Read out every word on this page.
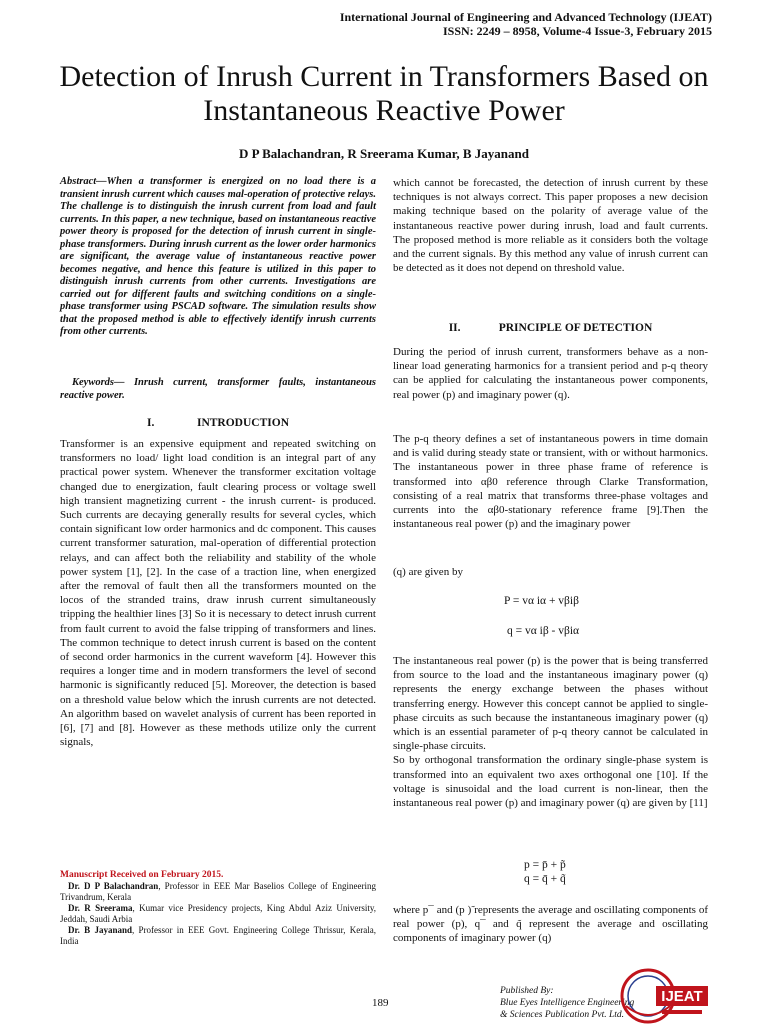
International Journal of Engineering and Advanced Technology (IJEAT)
ISSN: 2249 – 8958, Volume-4 Issue-3, February 2015
Detection of Inrush Current in Transformers Based on Instantaneous Reactive Power
D P Balachandran, R Sreerama Kumar, B Jayanand
Abstract—When a transformer is energized on no load there is a transient inrush current which causes mal-operation of protective relays. The challenge is to distinguish the inrush current from load and fault currents. In this paper, a new technique, based on instantaneous reactive power theory is proposed for the detection of inrush current in single-phase transformers. During inrush current as the lower order harmonics are significant, the average value of instantaneous reactive power becomes negative, and hence this feature is utilized in this paper to distinguish inrush currents from other currents. Investigations are carried out for different faults and switching conditions on a single-phase transformer using PSCAD software. The simulation results show that the proposed method is able to effectively identify inrush currents from other currents.
Keywords— Inrush current, transformer faults, instantaneous reactive power.
I.	INTRODUCTION
Transformer is an expensive equipment and repeated switching on transformers no load/ light load condition is an integral part of any practical power system. Whenever the transformer excitation voltage changed due to energization, fault clearing process or voltage swell high transient magnetizing current - the inrush current- is produced. Such currents are decaying generally results for several cycles, which contain significant low order harmonics and dc component. This causes current transformer saturation, mal-operation of differential protection relays, and can affect both the reliability and stability of the whole power system [1], [2]. In the case of a traction line, when energized after the removal of fault then all the transformers mounted on the locos of the stranded trains, draw inrush current simultaneously tripping the healthier lines [3] So it is necessary to detect inrush current from fault current to avoid the false tripping of transformers and lines. The common technique to detect inrush current is based on the content of second order harmonics in the current waveform [4]. However this requires a longer time and in modern transformers the level of second harmonic is significantly reduced [5]. Moreover, the detection is based on a threshold value below which the inrush currents are not detected. An algorithm based on wavelet analysis of current has been reported in [6], [7] and [8]. However as these methods utilize only the current signals,
Manuscript Received on February 2015.

Dr. D P Balachandran, Professor in EEE Mar Baselios College of Engineering Trivandrum, Kerala

Dr. R Sreerama, Kumar vice Presidency projects, King Abdul Aziz University, Jeddah, Saudi Arbia

Dr. B Jayanand, Professor in EEE Govt. Engineering College Thrissur, Kerala, India

which cannot be forecasted, the detection of inrush current by these techniques is not always correct. This paper proposes a new decision making technique based on the polarity of average value of the instantaneous reactive power during inrush, load and fault currents. The proposed method is more reliable as it considers both the voltage and the current signals. By this method any value of inrush current can be detected as it does not depend on threshold value.
II.	PRINCIPLE OF DETECTION
During the period of inrush current, transformers behave as a non-linear load generating harmonics for a transient period and p-q theory can be applied for calculating the instantaneous power components, real power (p) and imaginary power (q).
The p-q theory defines a set of instantaneous powers in time domain and is valid during steady state or transient, with or without harmonics. The instantaneous power in three phase frame of reference is transformed into αβ0 reference through Clarke Transformation, consisting of a real matrix that transforms three-phase voltages and currents into the αβ0-stationary reference frame [9].Then the instantaneous real power (p) and the imaginary power
(q) are given by
P = vα iα + vβiβ
q = vα iβ - vβiα

The instantaneous real power (p) is the power that is being transferred from source to the load and the instantaneous imaginary power (q) represents the energy exchange between the phases without transferring energy. However this concept cannot be applied to single-phase circuits as such because the instantaneous imaginary power (q) which is an essential parameter of p-q theory cannot be calculated in single-phase circuits.

So by orthogonal transformation the ordinary single-phase system is transformed into an equivalent two axes orthogonal one [10]. If the voltage is sinusoidal and the load current is non-linear, then the instantaneous real power (p) and imaginary power (q) are given by [11]

p = p̄ + p̃
q = q̄ + q̃
where p¯ and (p )̃ represents the average and oscillating components of real power (p), q¯ and q̃ represent the average and oscillating components of imaginary power (q)
189
Published By:
Blue Eyes Intelligence Engineering
& Sciences Publication Pvt. Ltd.
IJEAT
